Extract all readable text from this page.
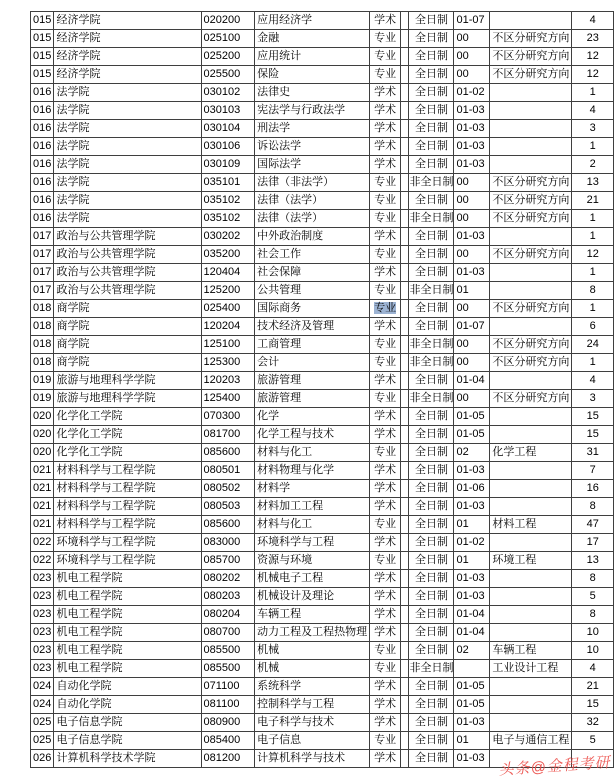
015	经济学院	020200	应用经济学	学术		全日制	01-07		4
015	经济学院	025100	金融	专业		全日制	00	不区分研究方向	23
015	经济学院	025200	应用统计	专业		全日制	00	不区分研究方向	12
015	经济学院	025500	保险	专业		全日制	00	不区分研究方向	12
016	法学院	030102	法律史	学术		全日制	01-02		1
016	法学院	030103	宪法学与行政法学	学术		全日制	01-03		4
016	法学院	030104	刑法学	学术		全日制	01-03		3
016	法学院	030106	诉讼法学	学术		全日制	01-03		1
016	法学院	030109	国际法学	学术		全日制	01-03		2
016	法学院	035101	法律（非法学）	专业		非全日制	00	不区分研究方向	13
016	法学院	035102	法律（法学）	专业		全日制	00	不区分研究方向	21
016	法学院	035102	法律（法学）	专业		非全日制	00	不区分研究方向	1
017	政治与公共管理学院	030202	中外政治制度	学术		全日制	01-03		1
017	政治与公共管理学院	035200	社会工作	专业		全日制	00	不区分研究方向	12
017	政治与公共管理学院	120404	社会保障	学术		全日制	01-03		1
017	政治与公共管理学院	125200	公共管理	专业		非全日制	01		8
018	商学院	025400	国际商务	专业		全日制	00	不区分研究方向	1
018	商学院	120204	技术经济及管理	学术		全日制	01-07		6
018	商学院	125100	工商管理	专业		非全日制	00	不区分研究方向	24
018	商学院	125300	会计	专业		非全日制	00	不区分研究方向	1
019	旅游与地理科学学院	120203	旅游管理	学术		全日制	01-04		4
019	旅游与地理科学学院	125400	旅游管理	专业		非全日制	00	不区分研究方向	3
020	化学化工学院	070300	化学	学术		全日制	01-05		15
020	化学化工学院	081700	化学工程与技术	学术		全日制	01-05		15
020	化学化工学院	085600	材料与化工	专业		全日制	02	化学工程	31
021	材料科学与工程学院	080501	材料物理与化学	学术		全日制	01-03		7
021	材料科学与工程学院	080502	材料学	学术		全日制	01-06		16
021	材料科学与工程学院	080503	材料加工工程	学术		全日制	01-03		8
021	材料科学与工程学院	085600	材料与化工	专业		全日制	01	材料工程	47
022	环境科学与工程学院	083000	环境科学与工程	学术		全日制	01-02		17
022	环境科学与工程学院	085700	资源与环境	专业		全日制	01	环境工程	13
023	机电工程学院	080202	机械电子工程	学术		全日制	01-03		8
023	机电工程学院	080203	机械设计及理论	学术		全日制	01-03		5
023	机电工程学院	080204	车辆工程	学术		全日制	01-04		8
023	机电工程学院	080700	动力工程及工程热物理	学术		全日制	01-04		10
023	机电工程学院	085500	机械	专业		全日制	02	车辆工程	10
023	机电工程学院	085500	机械	专业		非全日制		工业设计工程	4
024	自动化学院	071100	系统科学	学术		全日制	01-05		21
024	自动化学院	081100	控制科学与工程	学术		全日制	01-05		15
025	电子信息学院	080900	电子科学与技术	学术		全日制	01-03		32
025	电子信息学院	085400	电子信息	专业		全日制	01	电子与通信工程	5
026	计算机科学技术学院	081200	计算机科学与技术	学术		全日制	01-03		头条@金程考研
